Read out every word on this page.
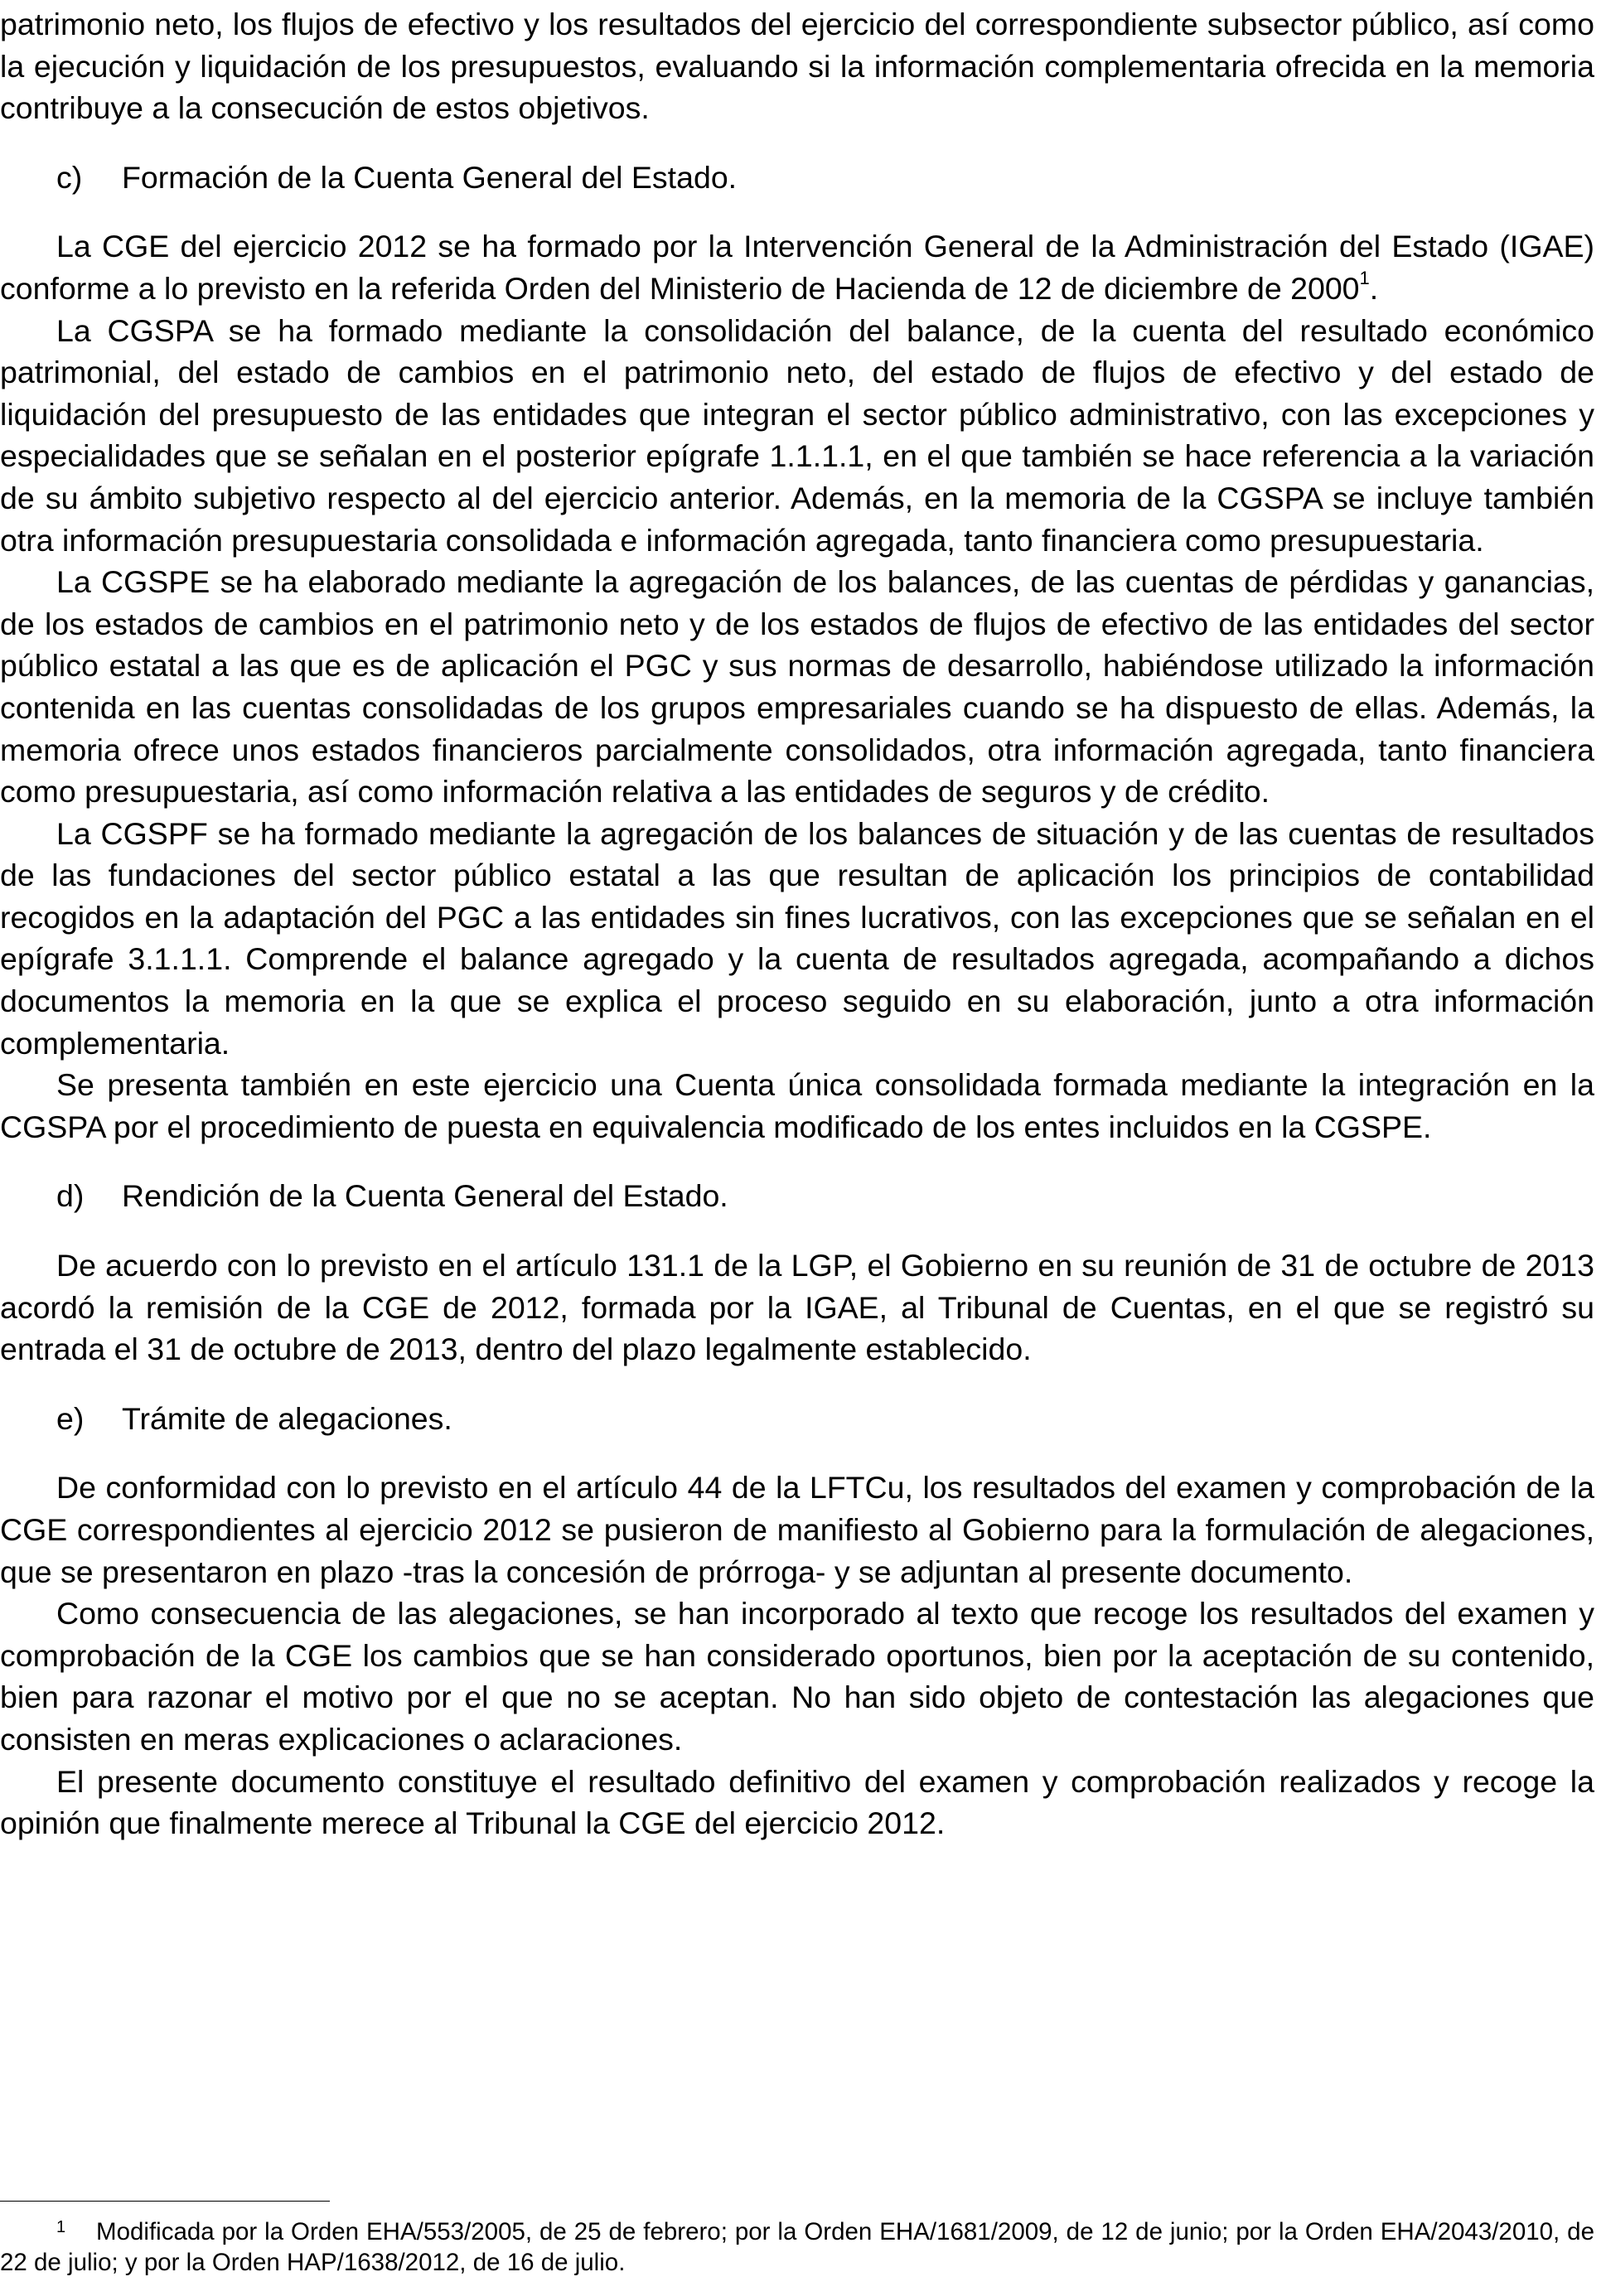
patrimonio neto, los flujos de efectivo y los resultados del ejercicio del correspondiente subsector público, así como la ejecución y liquidación de los presupuestos, evaluando si la información complementaria ofrecida en la memoria contribuye a la consecución de estos objetivos.

c) Formación de la Cuenta General del Estado.

La CGE del ejercicio 2012 se ha formado por la Intervención General de la Administración del Estado (IGAE) conforme a lo previsto en la referida Orden del Ministerio de Hacienda de 12 de diciembre de 2000$^1$.

La CGSPA se ha formado mediante la consolidación del balance, de la cuenta del resultado económico patrimonial, del estado de cambios en el patrimonio neto, del estado de flujos de efectivo y del estado de liquidación del presupuesto de las entidades que integran el sector público administrativo, con las excepciones y especialidades que se señalan en el posterior epígrafe 1.1.1.1, en el que también se hace referencia a la variación de su ámbito subjetivo respecto al del ejercicio anterior. Además, en la memoria de la CGSPA se incluye también otra información presupuestaria consolidada e información agregada, tanto financiera como presupuestaria.

La CGSPE se ha elaborado mediante la agregación de los balances, de las cuentas de pérdidas y ganancias, de los estados de cambios en el patrimonio neto y de los estados de flujos de efectivo de las entidades del sector público estatal a las que es de aplicación el PGC y sus normas de desarrollo, habiéndose utilizado la información contenida en las cuentas consolidadas de los grupos empresariales cuando se ha dispuesto de ellas. Además, la memoria ofrece unos estados financieros parcialmente consolidados, otra información agregada, tanto financiera como presupuestaria, así como información relativa a las entidades de seguros y de crédito.

La CGSPF se ha formado mediante la agregación de los balances de situación y de las cuentas de resultados de las fundaciones del sector público estatal a las que resultan de aplicación los principios de contabilidad recogidos en la adaptación del PGC a las entidades sin fines lucrativos, con las excepciones que se señalan en el epígrafe 3.1.1.1. Comprende el balance agregado y la cuenta de resultados agregada, acompañando a dichos documentos la memoria en la que se explica el proceso seguido en su elaboración, junto a otra información complementaria.

Se presenta también en este ejercicio una Cuenta única consolidada formada mediante la integración en la CGSPA por el procedimiento de puesta en equivalencia modificado de los entes incluidos en la CGSPE.

d) Rendición de la Cuenta General del Estado.

De acuerdo con lo previsto en el artículo 131.1 de la LGP, el Gobierno en su reunión de 31 de octubre de 2013 acordó la remisión de la CGE de 2012, formada por la IGAE, al Tribunal de Cuentas, en el que se registró su entrada el 31 de octubre de 2013, dentro del plazo legalmente establecido.

e) Trámite de alegaciones.

De conformidad con lo previsto en el artículo 44 de la LFTCu, los resultados del examen y comprobación de la CGE correspondientes al ejercicio 2012 se pusieron de manifiesto al Gobierno para la formulación de alegaciones, que se presentaron en plazo -tras la concesión de prórroga- y se adjuntan al presente documento.

Como consecuencia de las alegaciones, se han incorporado al texto que recoge los resultados del examen y comprobación de la CGE los cambios que se han considerado oportunos, bien por la aceptación de su contenido, bien para razonar el motivo por el que no se aceptan. No han sido objeto de contestación las alegaciones que consisten en meras explicaciones o aclaraciones.

El presente documento constituye el resultado definitivo del examen y comprobación realizados y recoge la opinión que finalmente merece al Tribunal la CGE del ejercicio 2012.

1 Modificada por la Orden EHA/553/2005, de 25 de febrero; por la Orden EHA/1681/2009, de 12 de junio; por la Orden EHA/2043/2010, de 22 de julio; y por la Orden HAP/1638/2012, de 16 de julio.
